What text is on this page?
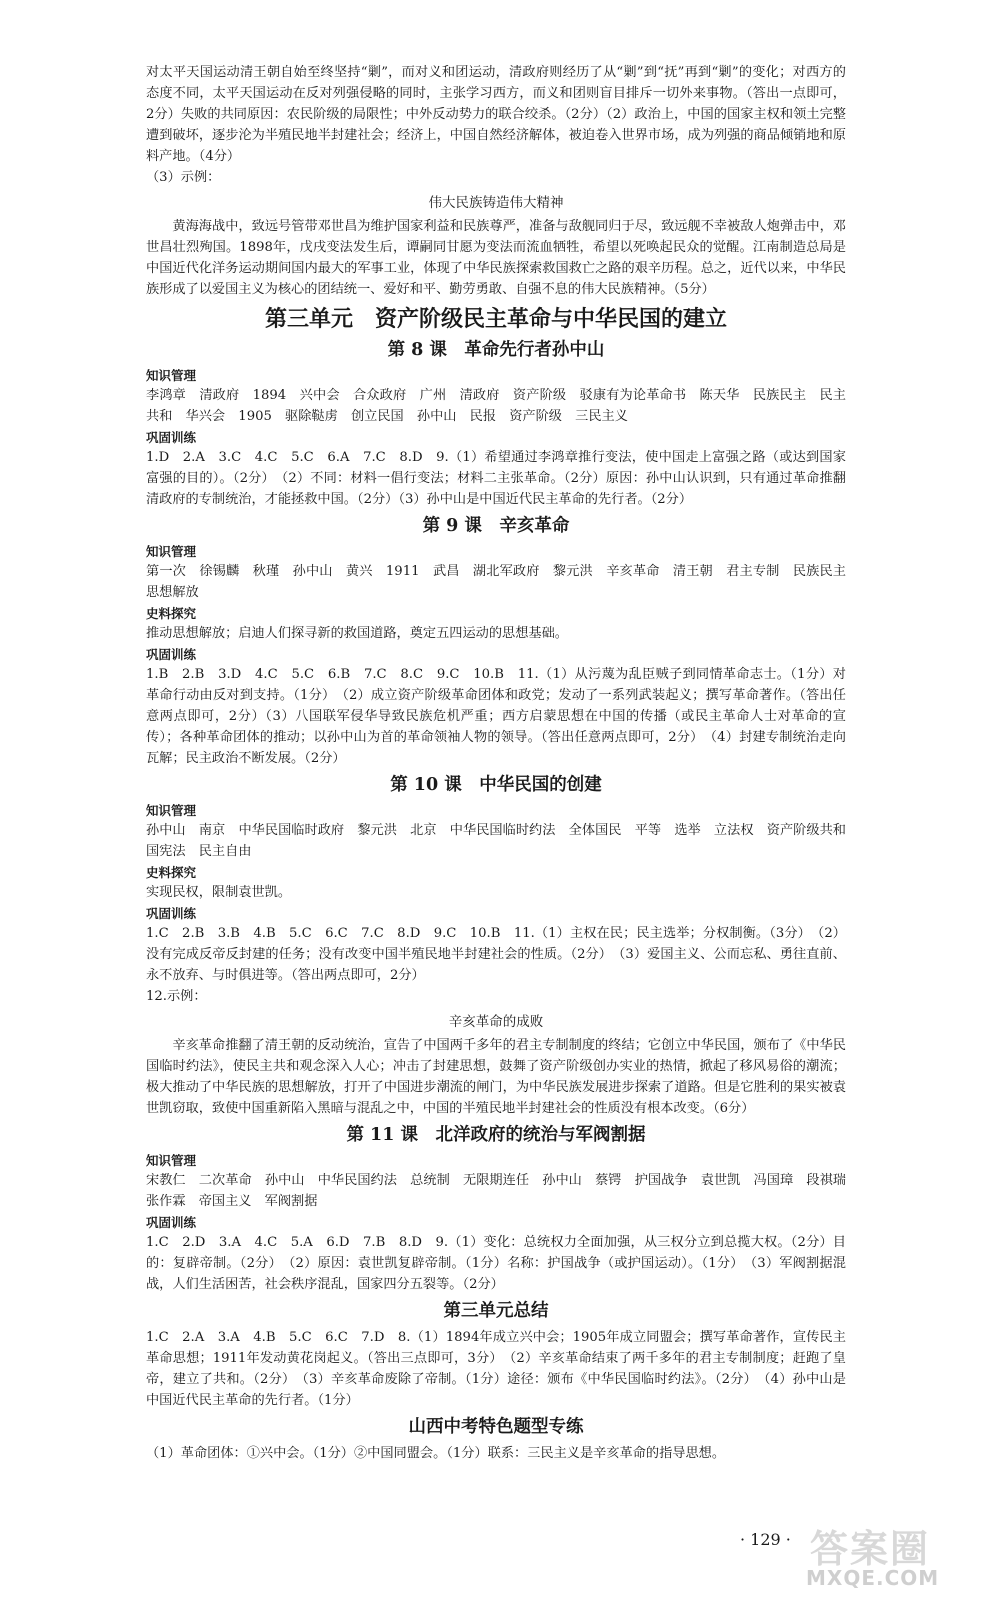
对太平天国运动清王朝自始至终坚持“剿”，而对义和团运动，清政府则经历了从“剿”到“抚”再到“剿”的变化；对西方的态度不同，太平天国运动在反对列强侵略的同时，主张学习西方，而义和团则盲目排斥一切外来事物。（答出一点即可，2分）失败的共同原因：农民阶级的局限性；中外反动势力的联合绞杀。（2分）（2）政治上，中国的国家主权和领土完整遭到破坏，逐步沦为半殖民地半封建社会；经济上，中国自然经济解体，被迫卷入世界市场，成为列强的商品倾销地和原料产地。（4分）

（3）示例：

伟大民族铸造伟大精神

黄海海战中，致远号管带邓世昌为维护国家利益和民族尊严，准备与敌舰同归于尽，致远舰不幸被敌人炮弹击中，邓世昌壮烈殉国。1898年，戊戌变法发生后，谭嗣同甘愿为变法而流血牺牲，希望以死唤起民众的觉醒。江南制造总局是中国近代化洋务运动期间国内最大的军事工业，体现了中华民族探索救国救亡之路的艰辛历程。总之，近代以来，中华民族形成了以爱国主义为核心的团结统一、爱好和平、勤劳勇敢、自强不息的伟大民族精神。（5分）

第三单元　资产阶级民主革命与中华民国的建立

第 8 课　革命先行者孙中山

知识管理

李鸿章　清政府　1894　兴中会　合众政府　广州　清政府　资产阶级　驳康有为论革命书　陈天华　民族民主　民主共和　华兴会　1905　驱除鞑虏　创立民国　孙中山　民报　资产阶级　三民主义

巩固训练

1.D　2.A　3.C　4.C　5.C　6.A　7.C　8.D　9.（1）希望通过李鸿章推行变法，使中国走上富强之路（或达到国家富强的目的）。（2分）　（2）不同：材料一倡行变法；材料二主张革命。（2分）原因：孙中山认识到，只有通过革命推翻清政府的专制统治，才能拯救中国。（2分）（3）孙中山是中国近代民主革命的先行者。（2分）

第 9 课　辛亥革命

知识管理

第一次　徐锡麟　秋瑾　孙中山　黄兴　1911　武昌　湖北军政府　黎元洪　辛亥革命　清王朝　君主专制　民族民主　思想解放

史料探究

推动思想解放；启迪人们探寻新的救国道路，奠定五四运动的思想基础。

巩固训练

1.B　2.B　3.D　4.C　5.C　6.B　7.C　8.C　9.C　10.B　11.（1）从污蔑为乱臣贼子到同情革命志士。（1分）对革命行动由反对到支持。（1分）　（2）成立资产阶级革命团体和政党；发动了一系列武装起义；撰写革命著作。（答出任意两点即可，2分）（3）八国联军侵华导致民族危机严重；西方启蒙思想在中国的传播（或民主革命人士对革命的宣传）；各种革命团体的推动；以孙中山为首的革命领袖人物的领导。（答出任意两点即可，2分）　（4）封建专制统治走向瓦解；民主政治不断发展。（2分）

第 10 课　中华民国的创建

知识管理

孙中山　南京　中华民国临时政府　黎元洪　北京　中华民国临时约法　全体国民　平等　选举　立法权　资产阶级共和国宪法　民主自由

史料探究

实现民权，限制袁世凯。

巩固训练

1.C　2.B　3.B　4.B　5.C　6.C　7.C　8.D　9.C　10.B　11.（1）主权在民；民主选举；分权制衡。（3分）　（2）没有完成反帝反封建的任务；没有改变中国半殖民地半封建社会的性质。（2分）　（3）爱国主义、公而忘私、勇往直前、永不放弃、与时俱进等。（答出两点即可，2分）

12.示例：

辛亥革命的成败

辛亥革命推翻了清王朝的反动统治，宣告了中国两千多年的君主专制制度的终结；它创立中华民国，颁布了《中华民国临时约法》，使民主共和观念深入人心；冲击了封建思想，鼓舞了资产阶级创办实业的热情，掀起了移风易俗的潮流；极大推动了中华民族的思想解放，打开了中国进步潮流的闸门，为中华民族发展进步探索了道路。但是它胜利的果实被袁世凯窃取，致使中国重新陷入黑暗与混乱之中，中国的半殖民地半封建社会的性质没有根本改变。（6分）

第 11 课　北洋政府的统治与军阀割据

知识管理

宋教仁　二次革命　孙中山　中华民国约法　总统制　无限期连任　孙中山　蔡锷　护国战争　袁世凯　冯国璋　段祺瑞　张作霖　帝国主义　军阀割据

巩固训练

1.C　2.D　3.A　4.C　5.A　6.D　7.B　8.D　9.（1）变化：总统权力全面加强，从三权分立到总揽大权。（2分）目的：复辟帝制。（2分）　（2）原因：袁世凯复辟帝制。（1分）名称：护国战争（或护国运动）。（1分）　（3）军阀割据混战，人们生活困苦，社会秩序混乱，国家四分五裂等。（2分）

第三单元总结

1.C　2.A　3.A　4.B　5.C　6.C　7.D　8.（1）1894年成立兴中会；1905年成立同盟会；撰写革命著作，宣传民主革命思想；1911年发动黄花岗起义。（答出三点即可，3分）　（2）辛亥革命结束了两千多年的君主专制制度；赶跑了皇帝，建立了共和。（2分）　（3）辛亥革命废除了帝制。（1分）途径：颁布《中华民国临时约法》。（2分）　（4）孙中山是中国近代民主革命的先行者。（1分）

山西中考特色题型专练

（1）革命团体：①兴中会。（1分）②中国同盟会。（1分）联系：三民主义是辛亥革命的指导思想。

· 129 · 答案圈
MXQE.COM
